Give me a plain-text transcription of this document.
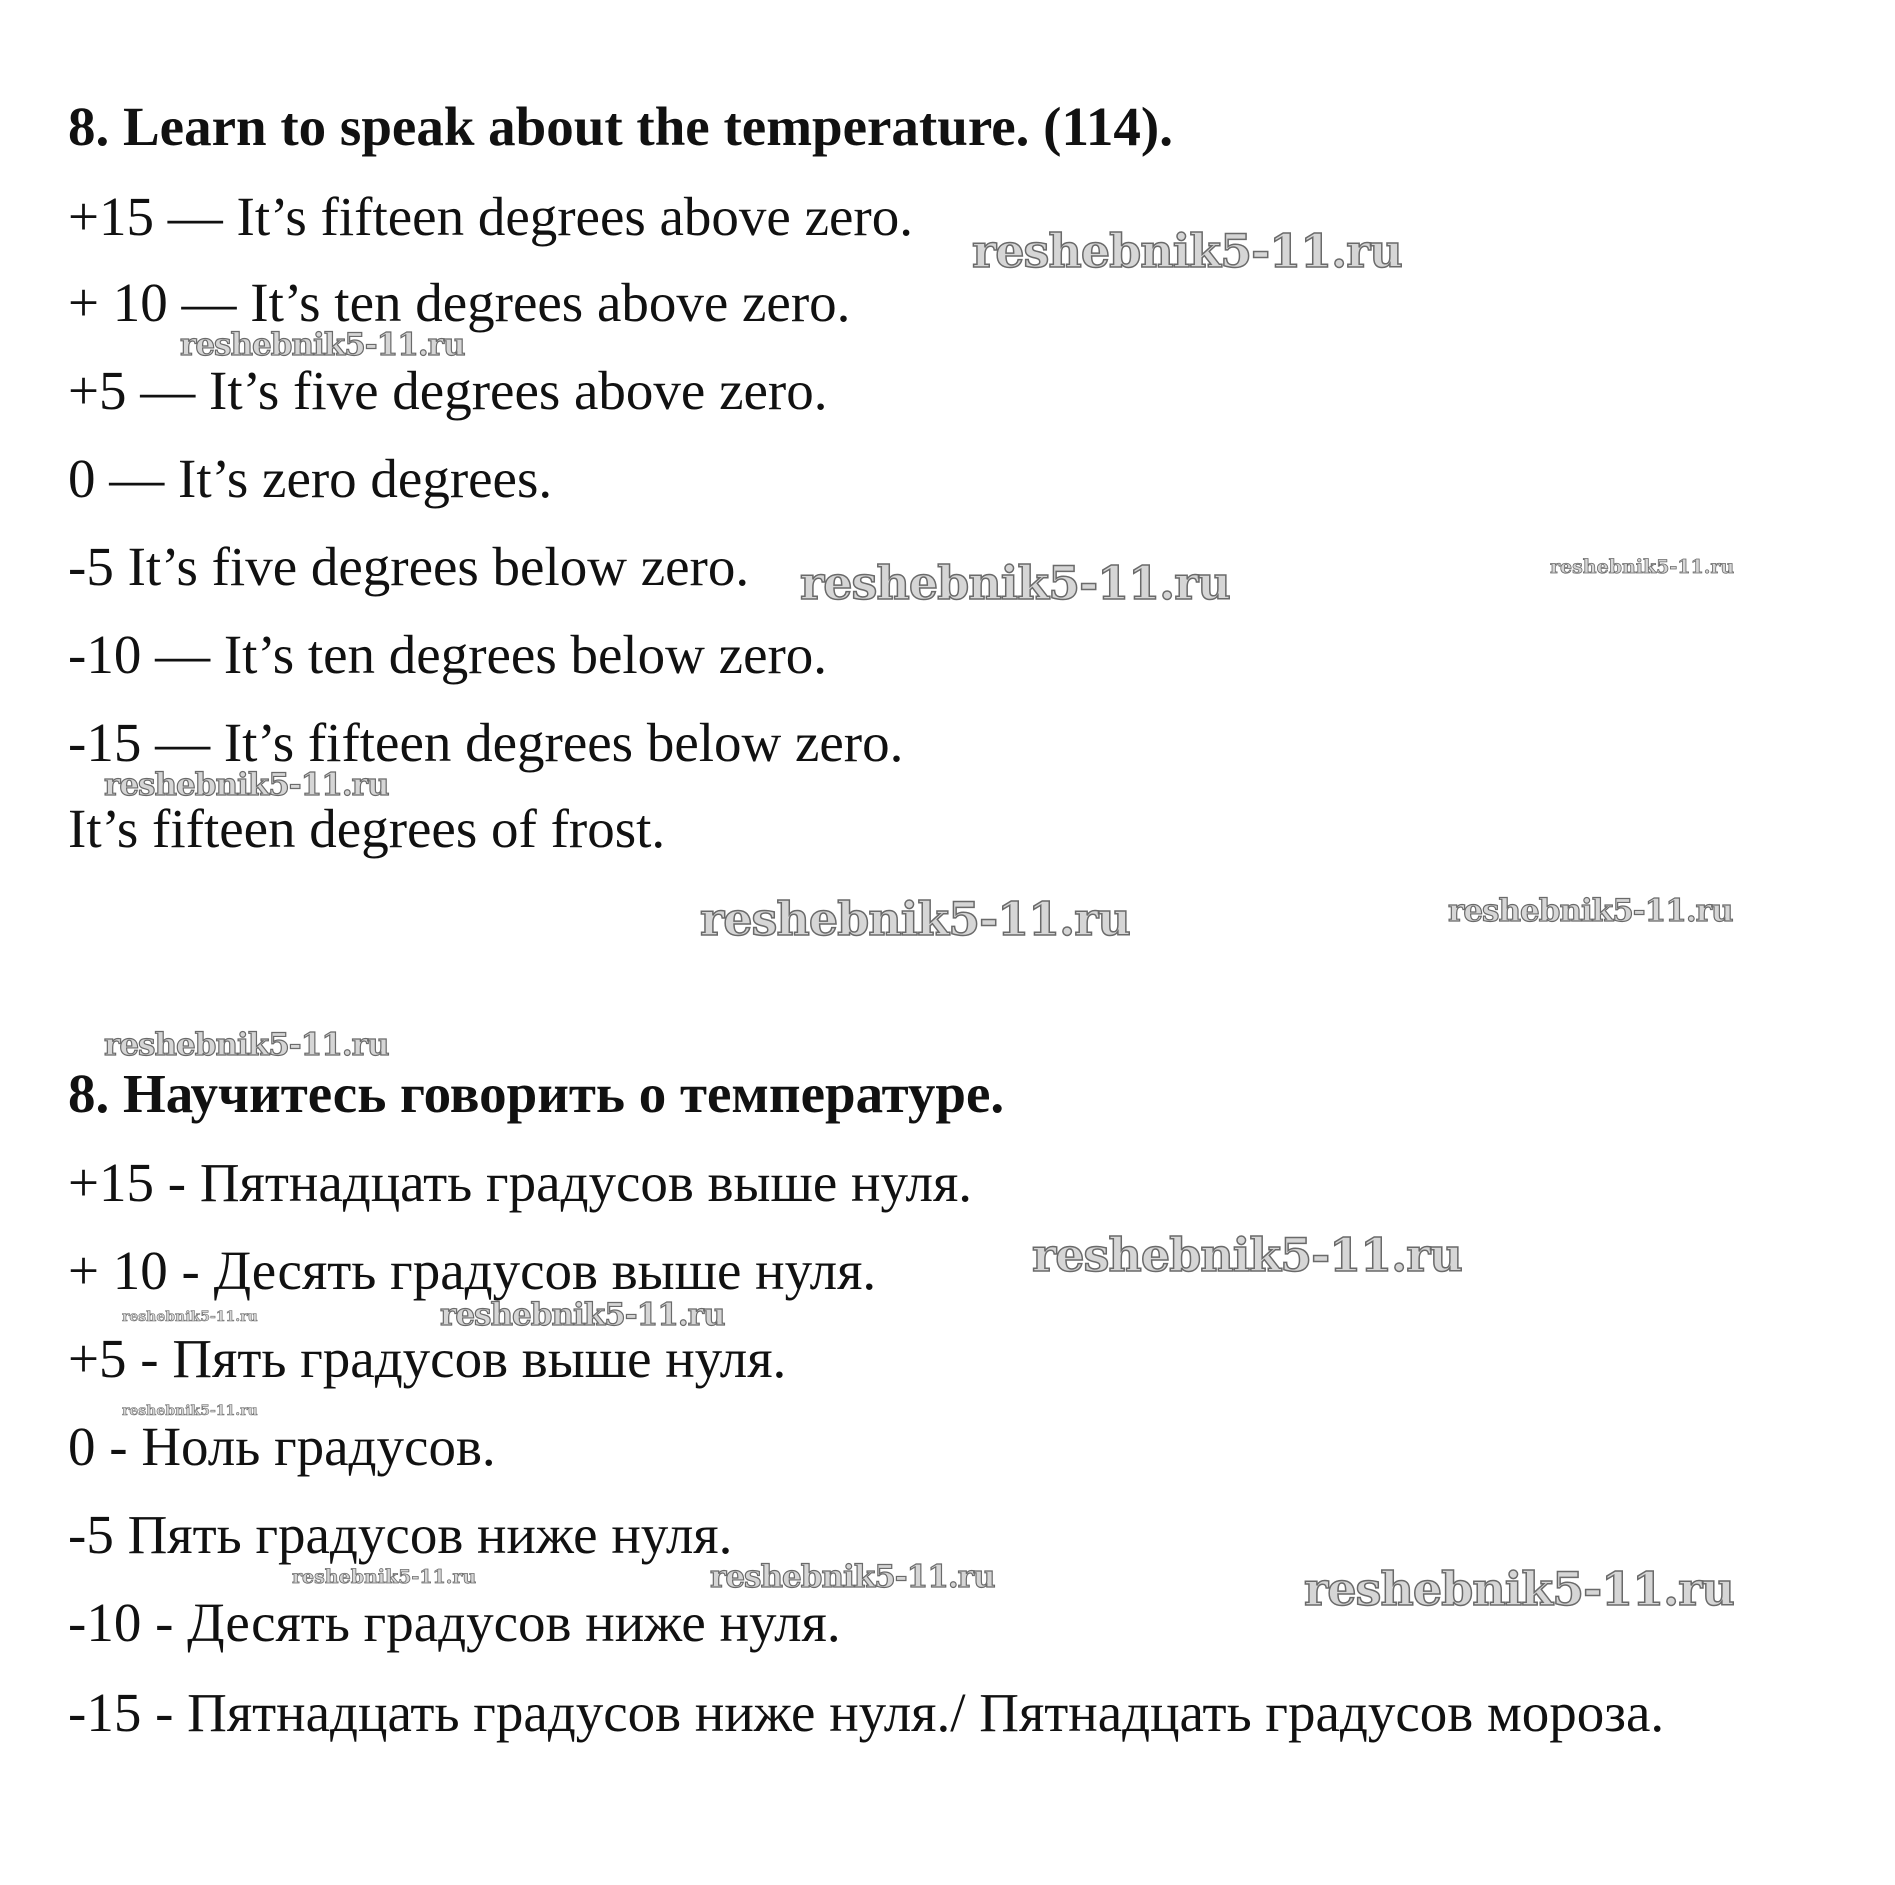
8. Learn to speak about the temperature. (114).
+15 — It’s fifteen degrees above zero.
+ 10 — It’s ten degrees above zero.
+5 — It’s five degrees above zero.
0 — It’s zero degrees.
-5 It’s five degrees below zero.
-10 — It’s ten degrees below zero.
-15 — It’s fifteen degrees below zero.
It’s fifteen degrees of frost.
8. Научитесь говорить о температуре.
+15 - Пятнадцать градусов выше нуля.
+ 10 - Десять градусов выше нуля.
+5 - Пять градусов выше нуля.
0 - Ноль градусов.
-5 Пять градусов ниже нуля.
-10 - Десять градусов ниже нуля.
-15 - Пятнадцать градусов ниже нуля./ Пятнадцать градусов мороза.
reshebnik5-11.ru
reshebnik5-11.ru
reshebnik5-11.ru	reshebnik5-11.ru
reshebnik5-11.ru
reshebnik5-11.ru	reshebnik5-11.ru
reshebnik5-11.ru
reshebnik5-11.ru
reshebnik5-11.ru	reshebnik5-11.ru
reshebnik5-11.ru
reshebnik5-11.ru	reshebnik5-11.ru	reshebnik5-11.ru
